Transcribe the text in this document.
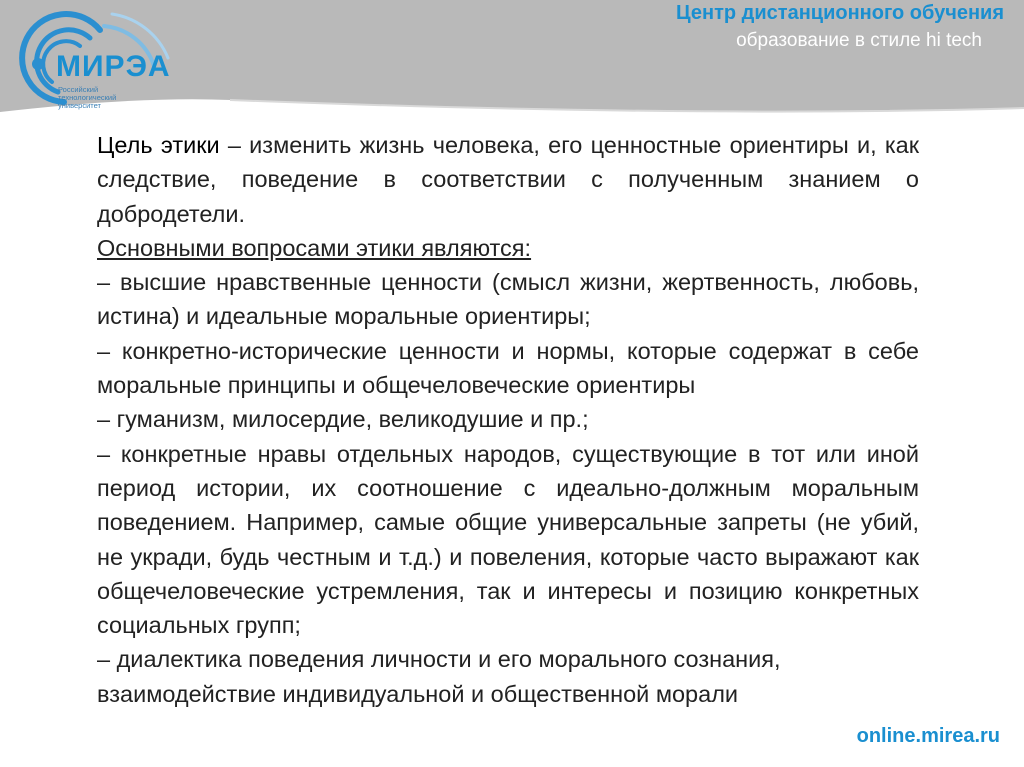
МИРЭА
Российский технологический университет
Центр дистанционного обучения
образование в стиле hi tech

Цель этики – изменить жизнь человека, его ценностные ориентиры и, как следствие, поведение в соответствии с полученным знанием о добродетели.

Основными вопросами этики являются:

– высшие нравственные ценности (смысл жизни, жертвенность, любовь, истина) и идеальные моральные ориентиры;

– конкретно-исторические ценности и нормы, которые содержат в себе моральные принципы и общечеловеческие ориентиры

– гуманизм, милосердие, великодушие и пр.;

– конкретные нравы отдельных народов, существующие в тот или иной период истории, их соотношение с идеально-должным моральным поведением. Например, самые общие универсальные запреты (не убий, не укради, будь честным и т.д.) и повеления, которые часто выражают как общечеловеческие устремления, так и интересы и позицию конкретных социальных групп;

– диалектика поведения личности и его морального сознания, взаимодействие индивидуальной и общественной морали

online.mirea.ru
